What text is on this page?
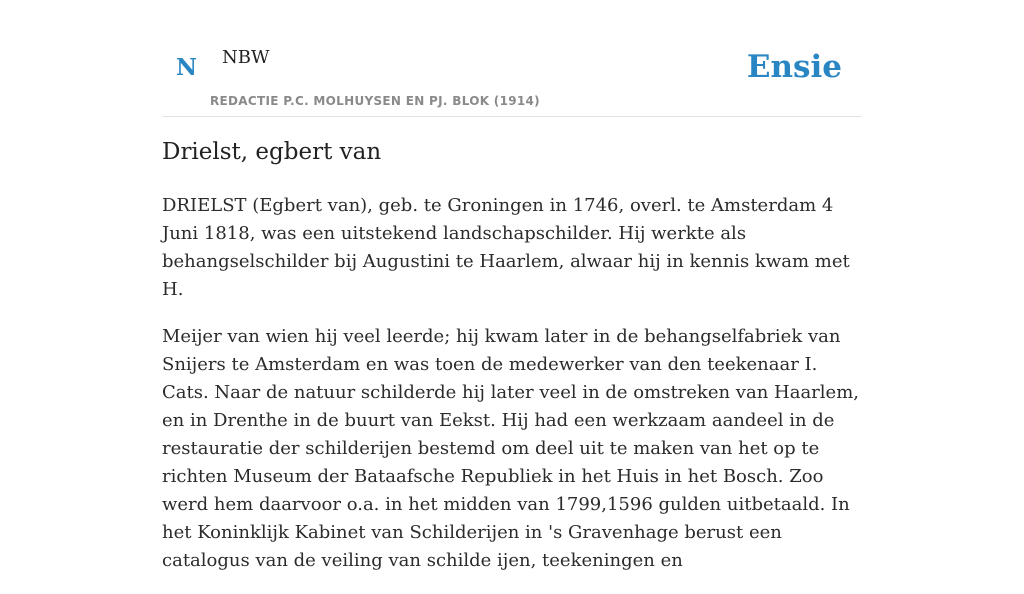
N NBW
REDACTIE P.C. MOLHUYSEN EN PJ. BLOK (1914)
Ensie
Drielst, egbert van

DRIELST (Egbert van), geb. te Groningen in 1746, overl. te Amsterdam 4 Juni 1818, was een uitstekend landschapschilder. Hij werkte als behangselschilder bij Augustini te Haarlem, alwaar hij in kennis kwam met H.

Meijer van wien hij veel leerde; hij kwam later in de behangselfabriek van Snijers te Amsterdam en was toen de medewerker van den teekenaar I. Cats. Naar de natuur schilderde hij later veel in de omstreken van Haarlem, en in Drenthe in de buurt van Eekst. Hij had een werkzaam aandeel in de restauratie der schilderijen bestemd om deel uit te maken van het op te richten Museum der Bataafsche Republiek in het Huis in het Bosch. Zoo werd hem daarvoor o.a. in het midden van 1799,1596 gulden uitbetaald. In het Koninklijk Kabinet van Schilderijen in 's Gravenhage berust een catalogus van de veiling van schilde ijen, teekeningen en
